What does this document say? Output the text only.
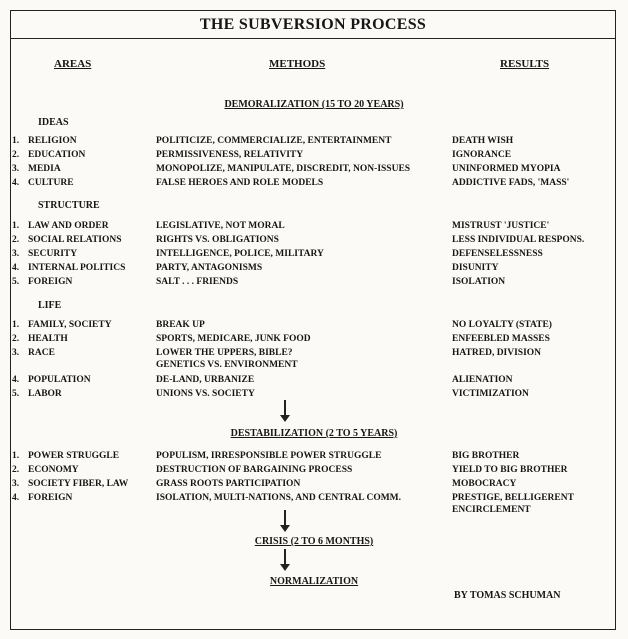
THE SUBVERSION PROCESS
AREAS	METHODS	RESULTS
DEMORALIZATION (15 TO 20 YEARS)
IDEAS
1. RELIGION	POLITICIZE, COMMERCIALIZE, ENTERTAINMENT	DEATH WISH
2. EDUCATION	PERMISSIVENESS, RELATIVITY	IGNORANCE
3. MEDIA	MONOPOLIZE, MANIPULATE, DISCREDIT, NON-ISSUES	UNINFORMED MYOPIA
4. CULTURE	FALSE HEROES AND ROLE MODELS	ADDICTIVE FADS, 'MASS'
STRUCTURE
1. LAW AND ORDER	LEGISLATIVE, NOT MORAL	MISTRUST 'JUSTICE'
2. SOCIAL RELATIONS	RIGHTS VS. OBLIGATIONS	LESS INDIVIDUAL RESPONS.
3. SECURITY	INTELLIGENCE, POLICE, MILITARY	DEFENSELESSNESS
4. INTERNAL POLITICS	PARTY, ANTAGONISMS	DISUNITY
5. FOREIGN	SALT . . . FRIENDS	ISOLATION
LIFE
1. FAMILY, SOCIETY	BREAK UP	NO LOYALTY (STATE)
2. HEALTH	SPORTS, MEDICARE, JUNK FOOD	ENFEEBLED MASSES
3. RACE	LOWER THE UPPERS, BIBLE?	HATRED, DIVISION
GENETICS VS. ENVIRONMENT
4. POPULATION	DE-LAND, URBANIZE	ALIENATION
5. LABOR	UNIONS VS. SOCIETY	VICTIMIZATION
DESTABILIZATION (2 TO 5 YEARS)
1. POWER STRUGGLE	POPULISM, IRRESPONSIBLE POWER STRUGGLE	BIG BROTHER
2. ECONOMY	DESTRUCTION OF BARGAINING PROCESS	YIELD TO BIG BROTHER
3. SOCIETY FIBER, LAW	GRASS ROOTS PARTICIPATION	MOBOCRACY
4. FOREIGN	ISOLATION, MULTI-NATIONS, AND CENTRAL COMM.	PRESTIGE, BELLIGERENT
ENCIRCLEMENT
CRISIS (2 TO 6 MONTHS)
NORMALIZATION
BY TOMAS SCHUMAN
